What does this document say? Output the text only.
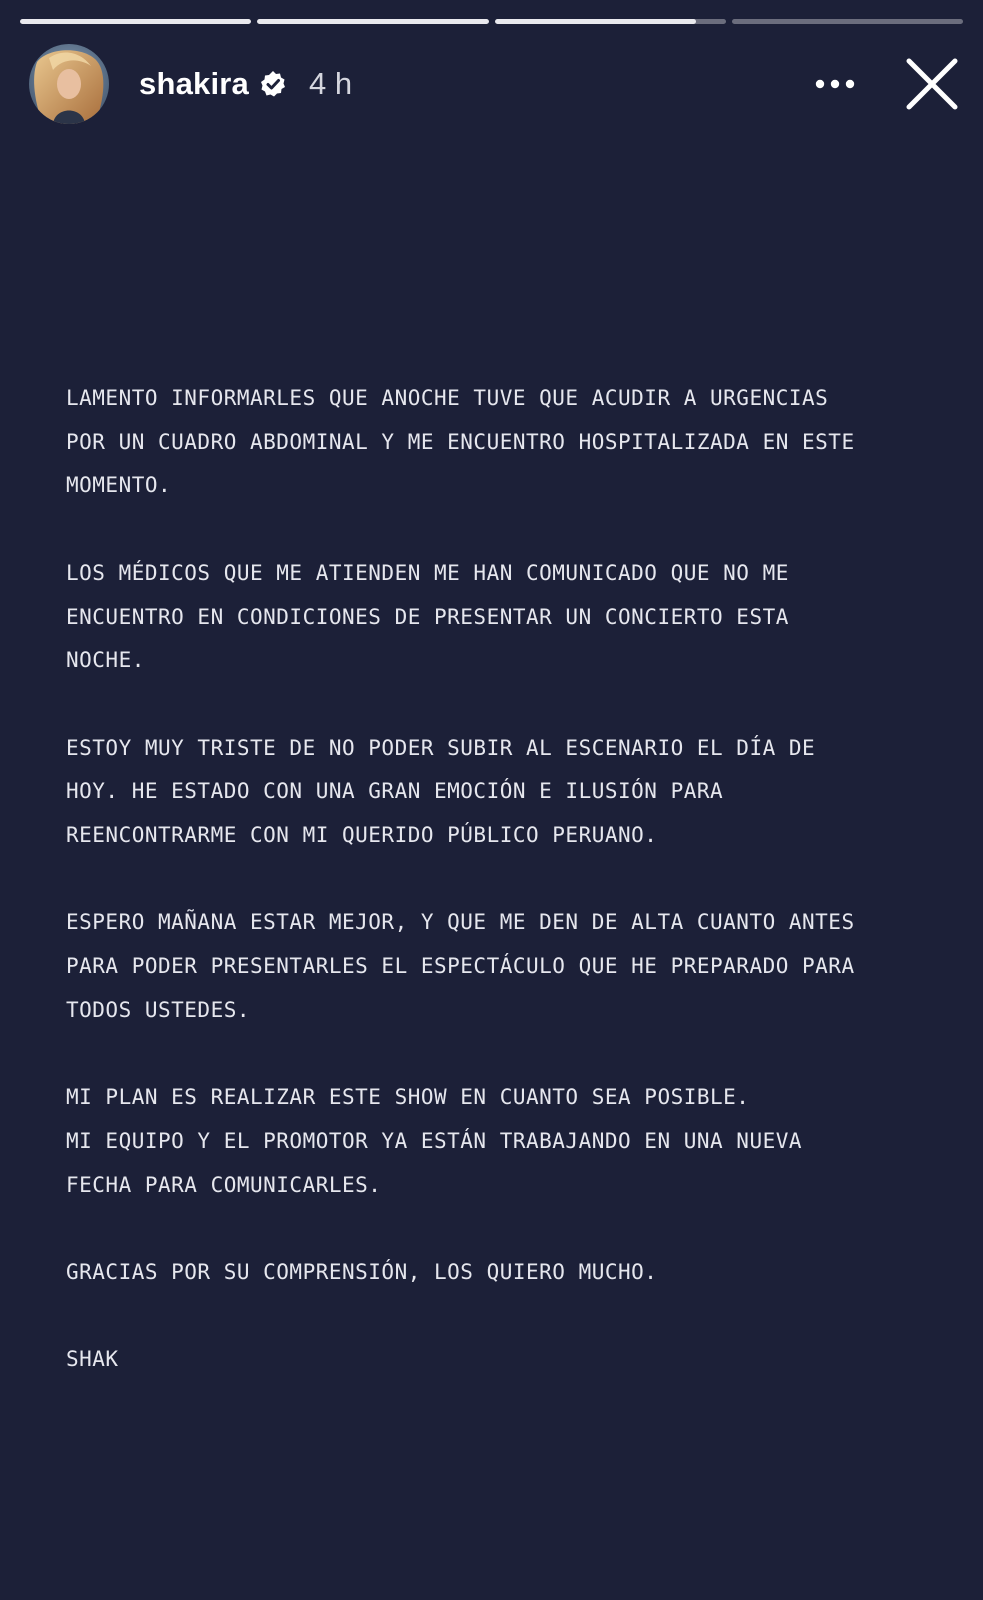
shakira 4 h

LAMENTO INFORMARLES QUE ANOCHE TUVE QUE ACUDIR A URGENCIAS
POR UN CUADRO ABDOMINAL Y ME ENCUENTRO HOSPITALIZADA EN ESTE
MOMENTO.

LOS MÉDICOS QUE ME ATIENDEN ME HAN COMUNICADO QUE NO ME
ENCUENTRO EN CONDICIONES DE PRESENTAR UN CONCIERTO ESTA
NOCHE.

ESTOY MUY TRISTE DE NO PODER SUBIR AL ESCENARIO EL DÍA DE
HOY. HE ESTADO CON UNA GRAN EMOCIÓN E ILUSIÓN PARA
REENCONTRARME CON MI QUERIDO PÚBLICO PERUANO.

ESPERO MAÑANA ESTAR MEJOR, Y QUE ME DEN DE ALTA CUANTO ANTES
PARA PODER PRESENTARLES EL ESPECTÁCULO QUE HE PREPARADO PARA
TODOS USTEDES.

MI PLAN ES REALIZAR ESTE SHOW EN CUANTO SEA POSIBLE.
MI EQUIPO Y EL PROMOTOR YA ESTÁN TRABAJANDO EN UNA NUEVA
FECHA PARA COMUNICARLES.

GRACIAS POR SU COMPRENSIÓN, LOS QUIERO MUCHO.

SHAK
